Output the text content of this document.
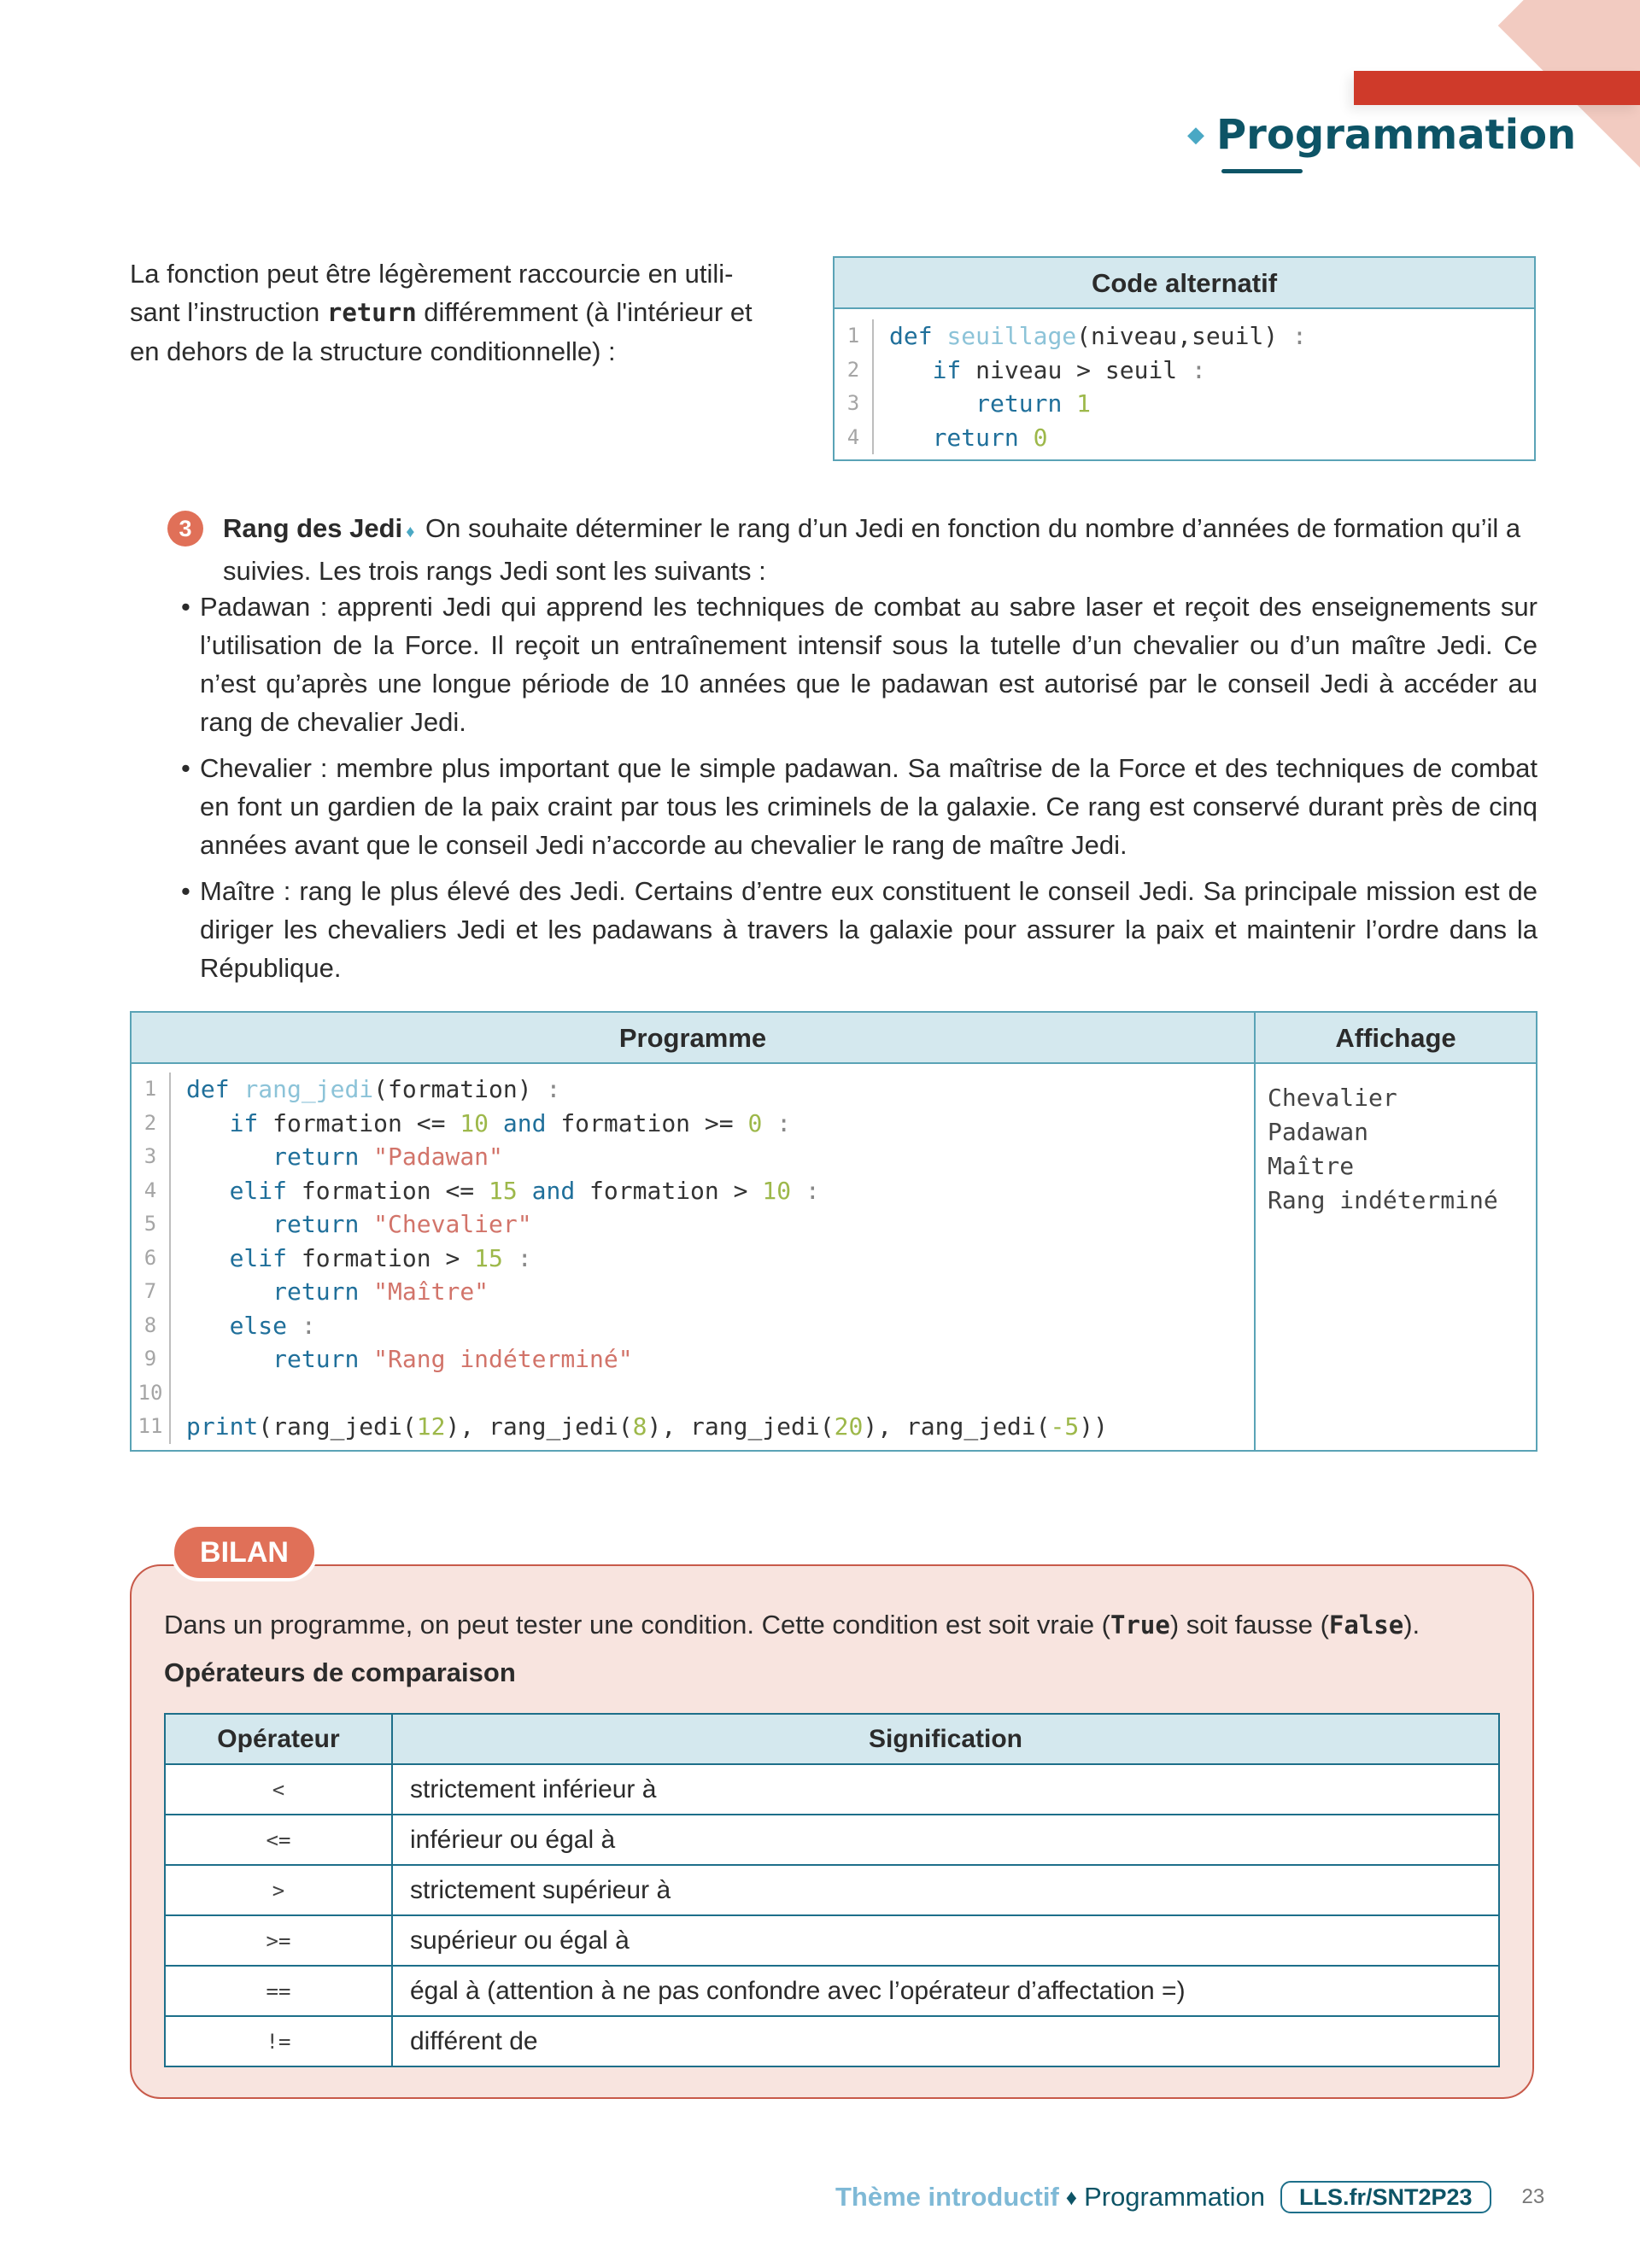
◆ Programmation

La fonction peut être légèrement raccourcie en utili-sant l’instruction return différemment (à l'intérieur et en dehors de la structure conditionnelle) :

Code alternatif
1	def seuillage(niveau,seuil) :
2	if niveau > seuil :
3	return 1
4	return 0
3	Rang des Jedi ♦ On souhaite déterminer le rang d’un Jedi en fonction du nombre d’années de formation qu’il a suivies. Les trois rangs Jedi sont les suivants :

• Padawan : apprenti Jedi qui apprend les techniques de combat au sabre laser et reçoit des enseignements sur l’utilisation de la Force. Il reçoit un entraînement intensif sous la tutelle d’un chevalier ou d’un maître Jedi. Ce n’est qu’après une longue période de 10 années que le padawan est autorisé par le conseil Jedi à accéder au rang de chevalier Jedi.
• Chevalier : membre plus important que le simple padawan. Sa maîtrise de la Force et des techniques de combat en font un gardien de la paix craint par tous les criminels de la galaxie. Ce rang est conservé durant près de cinq années avant que le conseil Jedi n’accorde au chevalier le rang de maître Jedi.
• Maître : rang le plus élevé des Jedi. Certains d’entre eux constituent le conseil Jedi. Sa principale mission est de diriger les chevaliers Jedi et les padawans à travers la galaxie pour assurer la paix et maintenir l’ordre dans la République.
Programme
1	def rang_jedi(formation) :
2	if formation <= 10 and formation >= 0 :
3	return "Padawan"
4	elif formation <= 15 and formation > 10 :
5	return "Chevalier"
6	elif formation > 15 :
7	return "Maître"
8	else :
9	return "Rang indéterminé"
10
11 print(rang_jedi(12), rang_jedi(8), rang_jedi(20), rang_jedi(-5))
Affichage
Chevalier
Padawan
Maître
Rang indéterminé
BILAN

Dans un programme, on peut tester une condition. Cette condition est soit vraie (True) soit fausse (False).

Opérateurs de comparaison

Opérateur	Signification
<	strictement inférieur à
<=	inférieur ou égal à
>	strictement supérieur à
>=	supérieur ou égal à
==	égal à (attention à ne pas confondre avec l’opérateur d’affectation =)
!=	différent de
Thème introductif ♦ Programmation	LLS.fr/SNT2P23	23
